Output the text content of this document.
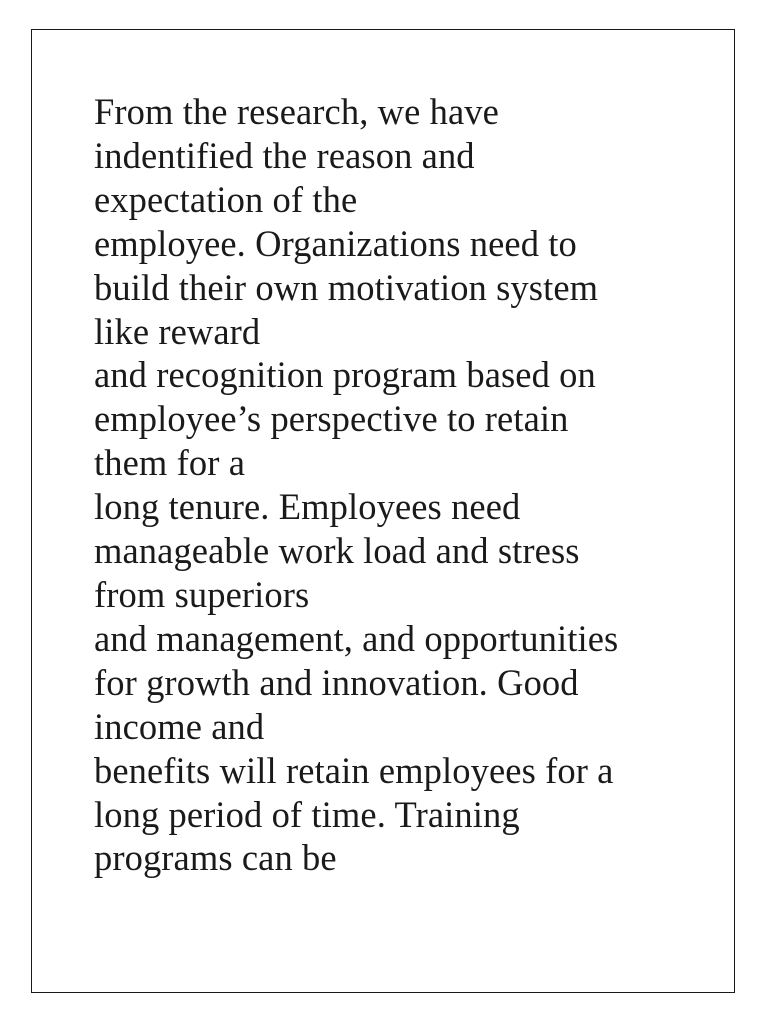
From the research, we have
indentified the reason and
expectation of the
employee. Organizations need to
build their own motivation system
like reward
and recognition program based on
employee’s perspective to retain
them for a
long tenure. Employees need
manageable work load and stress
from superiors
and management, and opportunities
for growth and innovation. Good
income and
benefits will retain employees for a
long period of time. Training
programs can be
